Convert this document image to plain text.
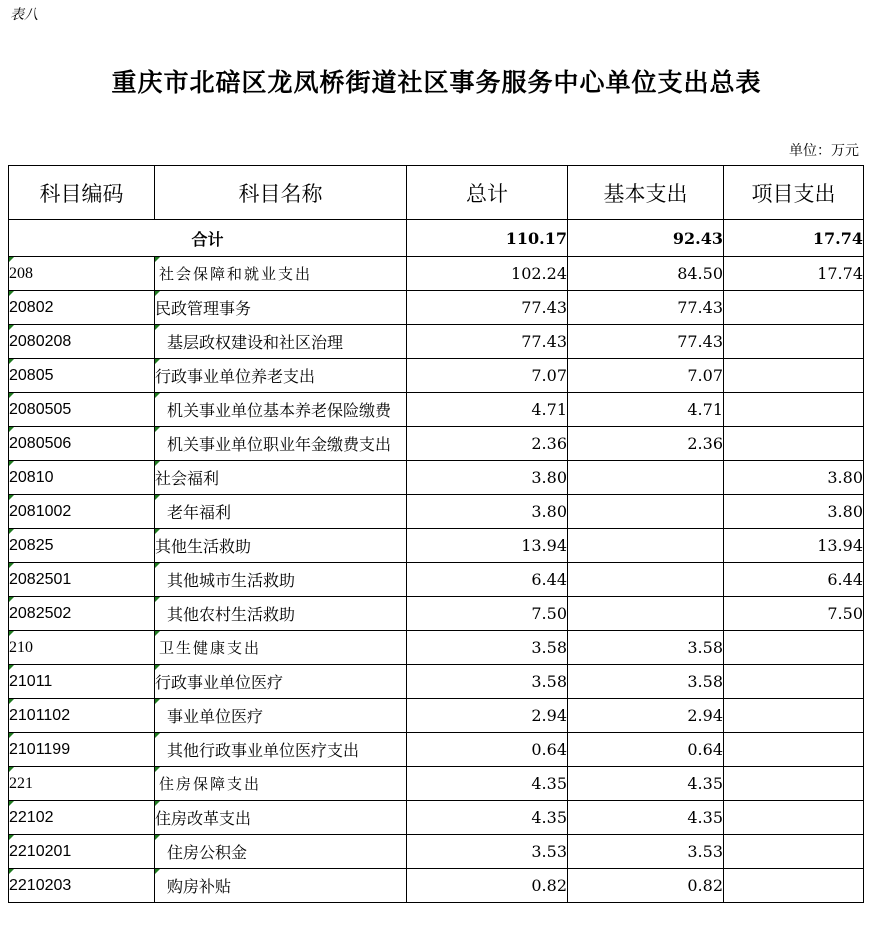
表八
重庆市北碚区龙凤桥街道社区事务服务中心单位支出总表
单位：万元
科目编码	科目名称	总计	基本支出	项目支出
合计		110.17	92.43	17.74

208	社会保障和就业支出	102.24	84.50	17.74

20802	民政管理事务	77.43	77.43	

2080208	基层政权建设和社区治理	77.43	77.43	

20805	行政事业单位养老支出	7.07	7.07	

2080505	机关事业单位基本养老保险缴费	4.71	4.71	

2080506	机关事业单位职业年金缴费支出	2.36	2.36	

20810	社会福利	3.80		3.80

2081002	老年福利	3.80		3.80

20825	其他生活救助	13.94		13.94

2082501	其他城市生活救助	6.44		6.44

2082502	其他农村生活救助	7.50		7.50

210	卫生健康支出	3.58	3.58	

21011	行政事业单位医疗	3.58	3.58	

2101102	事业单位医疗	2.94	2.94	

2101199	其他行政事业单位医疗支出	0.64	0.64	

221	住房保障支出	4.35	4.35	

22102	住房改革支出	4.35	4.35	

2210201	住房公积金	3.53	3.53	

2210203	购房补贴	0.82	0.82	
